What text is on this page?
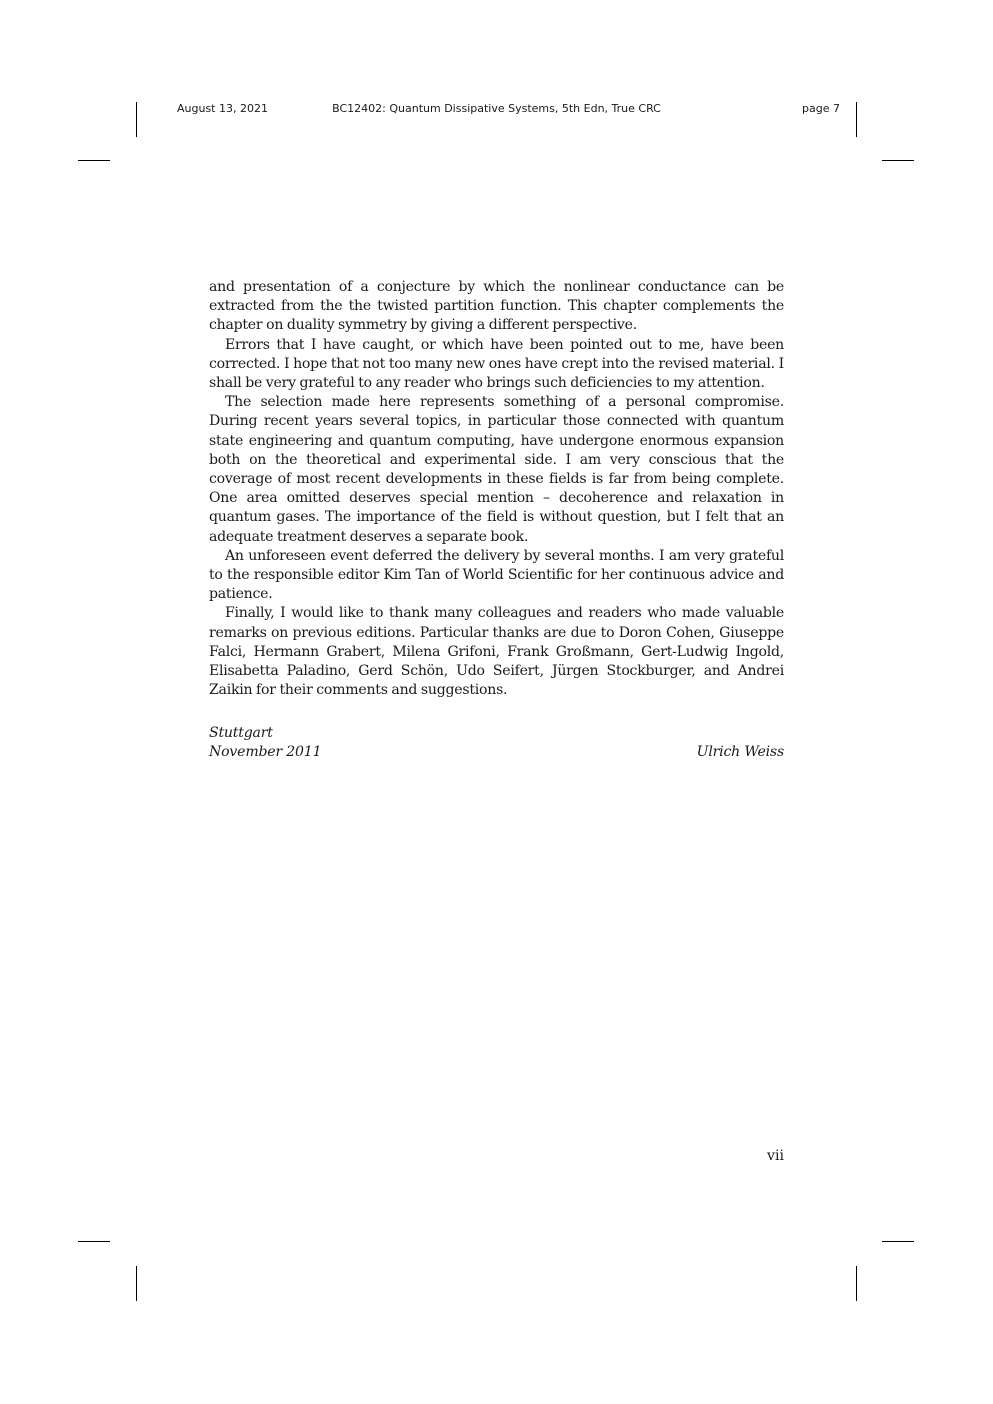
August 13, 2021	BC12402: Quantum Dissipative Systems, 5th Edn, True CRC	page 7

and presentation of a conjecture by which the nonlinear conductance can be extracted from the the twisted partition function. This chapter complements the chapter on duality symmetry by giving a different perspective.

Errors that I have caught, or which have been pointed out to me, have been corrected. I hope that not too many new ones have crept into the revised material. I shall be very grateful to any reader who brings such deficiencies to my attention.

The selection made here represents something of a personal compromise. During recent years several topics, in particular those connected with quantum state engineering and quantum computing, have undergone enormous expansion both on the theoretical and experimental side. I am very conscious that the coverage of most recent developments in these fields is far from being complete. One area omitted deserves special mention – decoherence and relaxation in quantum gases. The importance of the field is without question, but I felt that an adequate treatment deserves a separate book.

An unforeseen event deferred the delivery by several months. I am very grateful to the responsible editor Kim Tan of World Scientific for her continuous advice and patience.

Finally, I would like to thank many colleagues and readers who made valuable remarks on previous editions. Particular thanks are due to Doron Cohen, Giuseppe Falci, Hermann Grabert, Milena Grifoni, Frank Großmann, Gert-Ludwig Ingold, Elisabetta Paladino, Gerd Schön, Udo Seifert, Jürgen Stockburger, and Andrei Zaikin for their comments and suggestions.

Stuttgart
November 2011	Ulrich Weiss
vii
